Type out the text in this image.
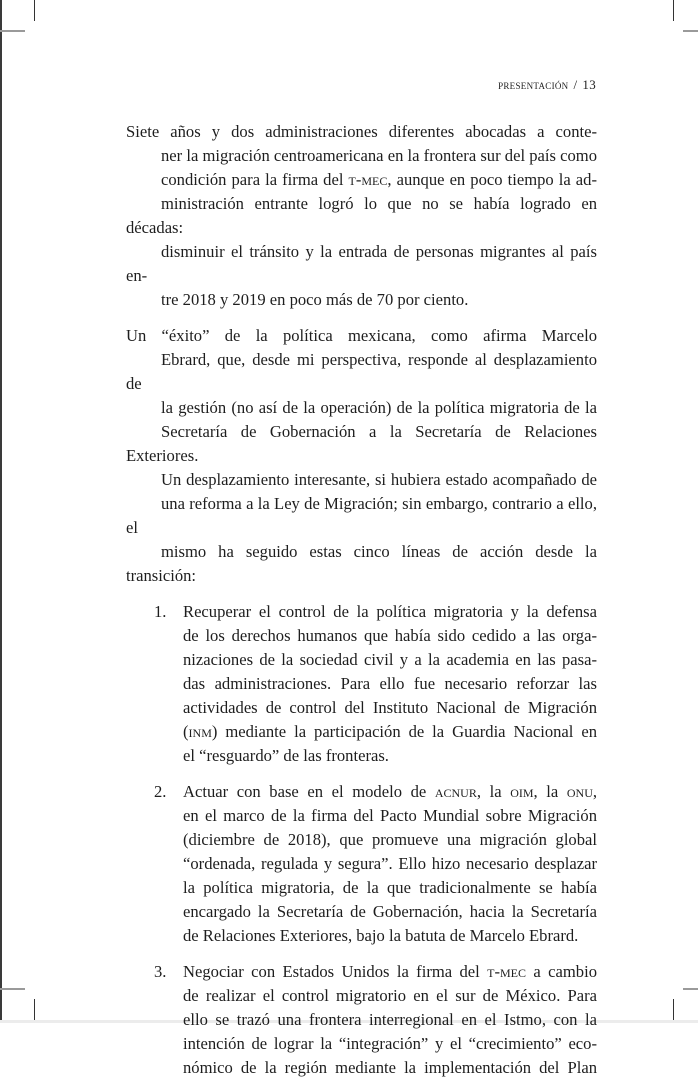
presentación / 13

Siete años y dos administraciones diferentes abocadas a conte-
ner la migración centroamericana en la frontera sur del país como
condición para la firma del t-mec, aunque en poco tiempo la ad-
ministración entrante logró lo que no se había logrado en décadas:
disminuir el tránsito y la entrada de personas migrantes al país en-
tre 2018 y 2019 en poco más de 70 por ciento.

Un “éxito” de la política mexicana, como afirma Marcelo
Ebrard, que, desde mi perspectiva, responde al desplazamiento de
la gestión (no así de la operación) de la política migratoria de la
Secretaría de Gobernación a la Secretaría de Relaciones Exteriores.
Un desplazamiento interesante, si hubiera estado acompañado de
una reforma a la Ley de Migración; sin embargo, contrario a ello, el
mismo ha seguido estas cinco líneas de acción desde la transición:

1. Recuperar el control de la política migratoria y la defensa
de los derechos humanos que había sido cedido a las orga-
nizaciones de la sociedad civil y a la academia en las pasa-
das administraciones. Para ello fue necesario reforzar las
actividades de control del Instituto Nacional de Migración
(inm) mediante la participación de la Guardia Nacional en
el “resguardo” de las fronteras.
2. Actuar con base en el modelo de acnur, la oim, la onu,
en el marco de la firma del Pacto Mundial sobre Migración
(diciembre de 2018), que promueve una migración global
“ordenada, regulada y segura”. Ello hizo necesario desplazar
la política migratoria, de la que tradicionalmente se había
encargado la Secretaría de Gobernación, hacia la Secretaría
de Relaciones Exteriores, bajo la batuta de Marcelo Ebrard.
3. Negociar con Estados Unidos la firma del t-mec a cambio
de realizar el control migratorio en el sur de México. Para
ello se trazó una frontera interregional en el Istmo, con la
intención de lograr la “integración” y el “crecimiento” eco-
nómico de la región mediante la implementación del Plan
